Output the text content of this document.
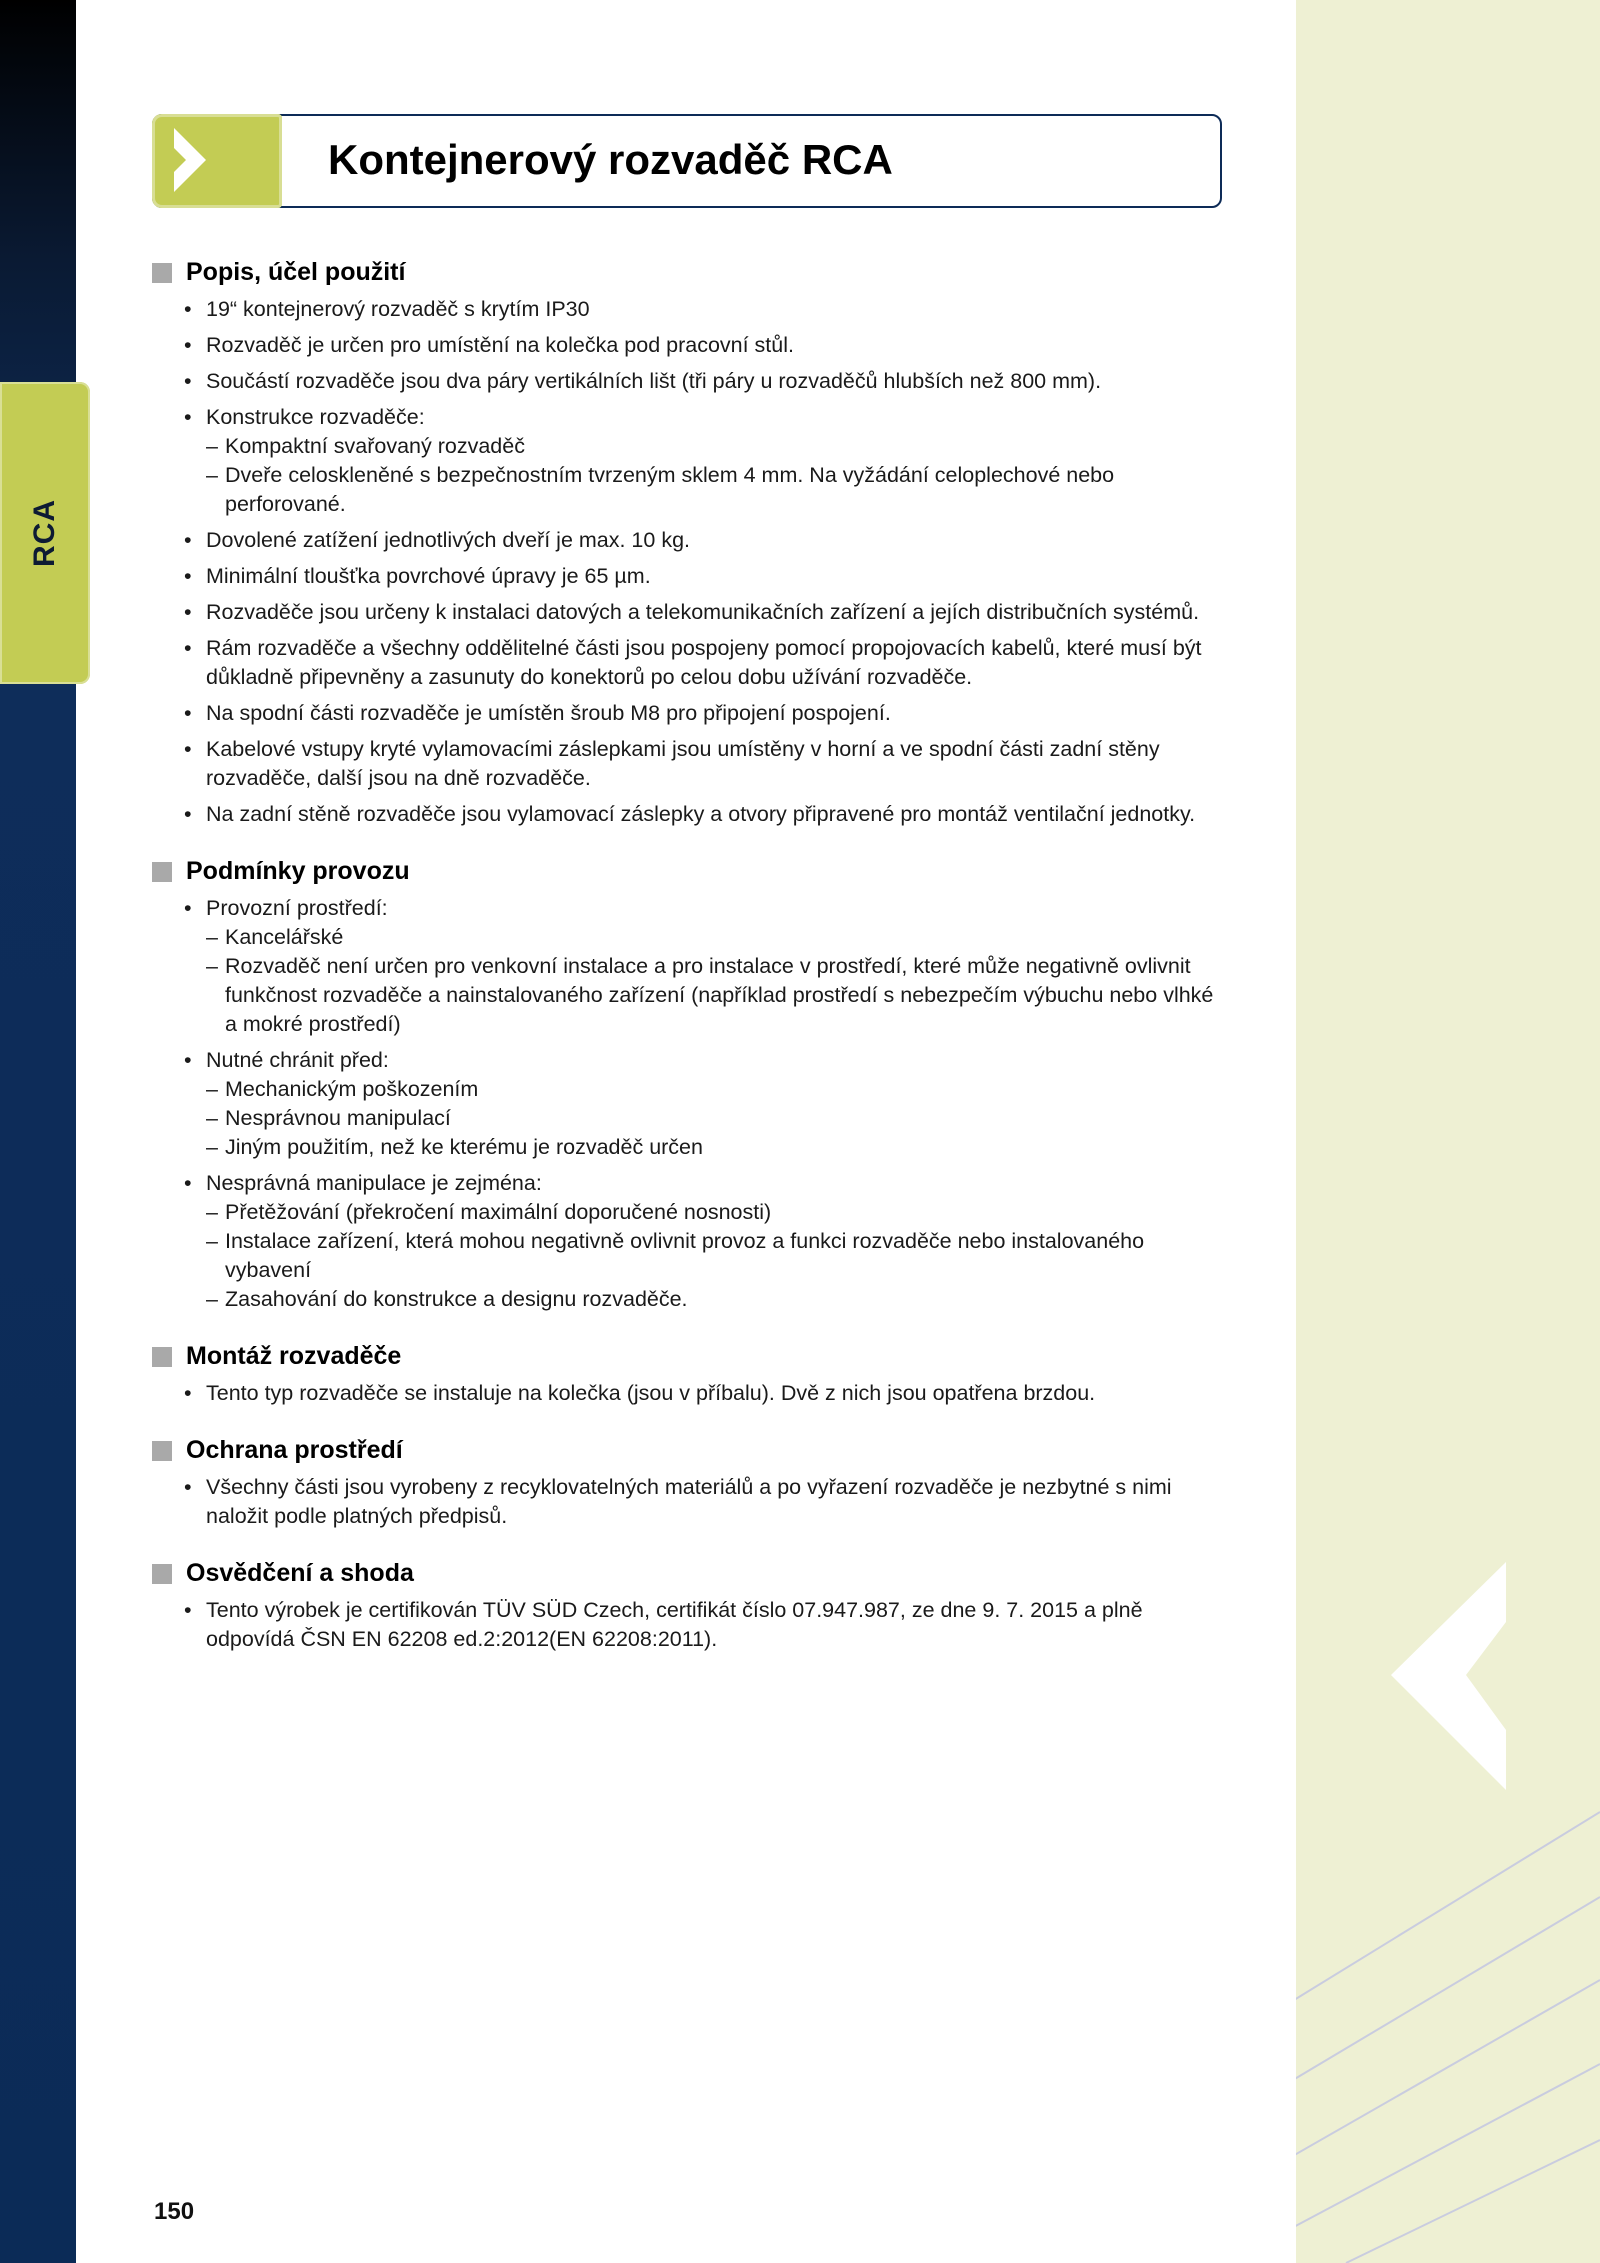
RCA
Kontejnerový rozvaděč RCA
Popis, účel použití
• 19“ kontejnerový rozvaděč s krytím IP30
• Rozvaděč je určen pro umístění na kolečka pod pracovní stůl.
• Součástí rozvaděče jsou dva páry vertikálních lišt (tři páry u rozvaděčů hlubších než 800 mm).
• Konstrukce rozvaděče:
– Kompaktní svařovaný rozvaděč
– Dveře celoskleněné s bezpečnostním tvrzeným sklem 4 mm. Na vyžádání celoplechové nebo perforované.
• Dovolené zatížení jednotlivých dveří je max. 10 kg.
• Minimální tloušťka povrchové úpravy je 65 µm.
• Rozvaděče jsou určeny k instalaci datových a telekomunikačních zařízení a jejích distribučních systémů.
• Rám rozvaděče a všechny oddělitelné části jsou pospojeny pomocí propojovacích kabelů, které musí být důkladně připevněny a zasunuty do konektorů po celou dobu užívání rozvaděče.
• Na spodní části rozvaděče je umístěn šroub M8 pro připojení pospojení.
• Kabelové vstupy kryté vylamovacími záslepkami jsou umístěny v horní a ve spodní části zadní stěny rozvaděče, další jsou na dně rozvaděče.
• Na zadní stěně rozvaděče jsou vylamovací záslepky a otvory připravené pro montáž ventilační jednotky.
Podmínky provozu
• Provozní prostředí:
– Kancelářské
– Rozvaděč není určen pro venkovní instalace a pro instalace v prostředí, které může negativně ovlivnit funkčnost rozvaděče a nainstalovaného zařízení (například prostředí s nebezpečím výbuchu nebo vlhké a mokré prostředí)
• Nutné chránit před:
– Mechanickým poškozením
– Nesprávnou manipulací
– Jiným použitím, než ke kterému je rozvaděč určen
• Nesprávná manipulace je zejména:
– Přetěžování (překročení maximální doporučené nosnosti)
– Instalace zařízení, která mohou negativně ovlivnit provoz a funkci rozvaděče nebo instalovaného vybavení
– Zasahování do konstrukce a designu rozvaděče.
Montáž rozvaděče
• Tento typ rozvaděče se instaluje na kolečka (jsou v příbalu). Dvě z nich jsou opatřena brzdou.
Ochrana prostředí
• Všechny části jsou vyrobeny z recyklovatelných materiálů a po vyřazení rozvaděče je nezbytné s nimi naložit podle platných předpisů.
Osvědčení a shoda
• Tento výrobek je certifikován TÜV SÜD Czech, certifikát číslo 07.947.987, ze dne 9. 7. 2015 a plně odpovídá ČSN EN 62208 ed.2:2012(EN 62208:2011).
150
